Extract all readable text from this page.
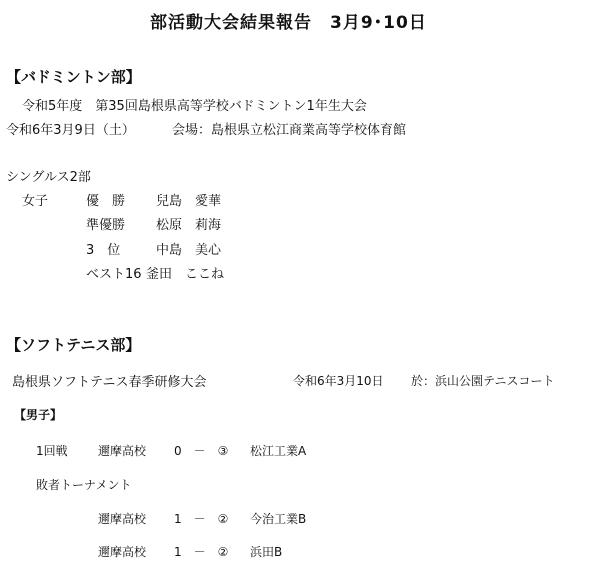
部活動大会結果報告　3月9･10日
【バドミントン部】
令和5年度　第35回島根県高等学校バドミントン1年生大会
令和6年3月9日（土）	会場：島根県立松江商業高等学校体育館
シングルス2部
女子	優　勝 兒島　愛華
準優勝 松原　莉海
3　位	中島　美心
ベスト16 釜田　ここね
【ソフトテニス部】
島根県ソフトテニス春季研修大会	令和6年3月10日 於：浜山公園テニスコート
【男子】
1回戦	邇摩高校 0　－　③ 松江工業A
敗者トーナメント
邇摩高校 1　－　② 今治工業B
邇摩高校 1　－　② 浜田B
